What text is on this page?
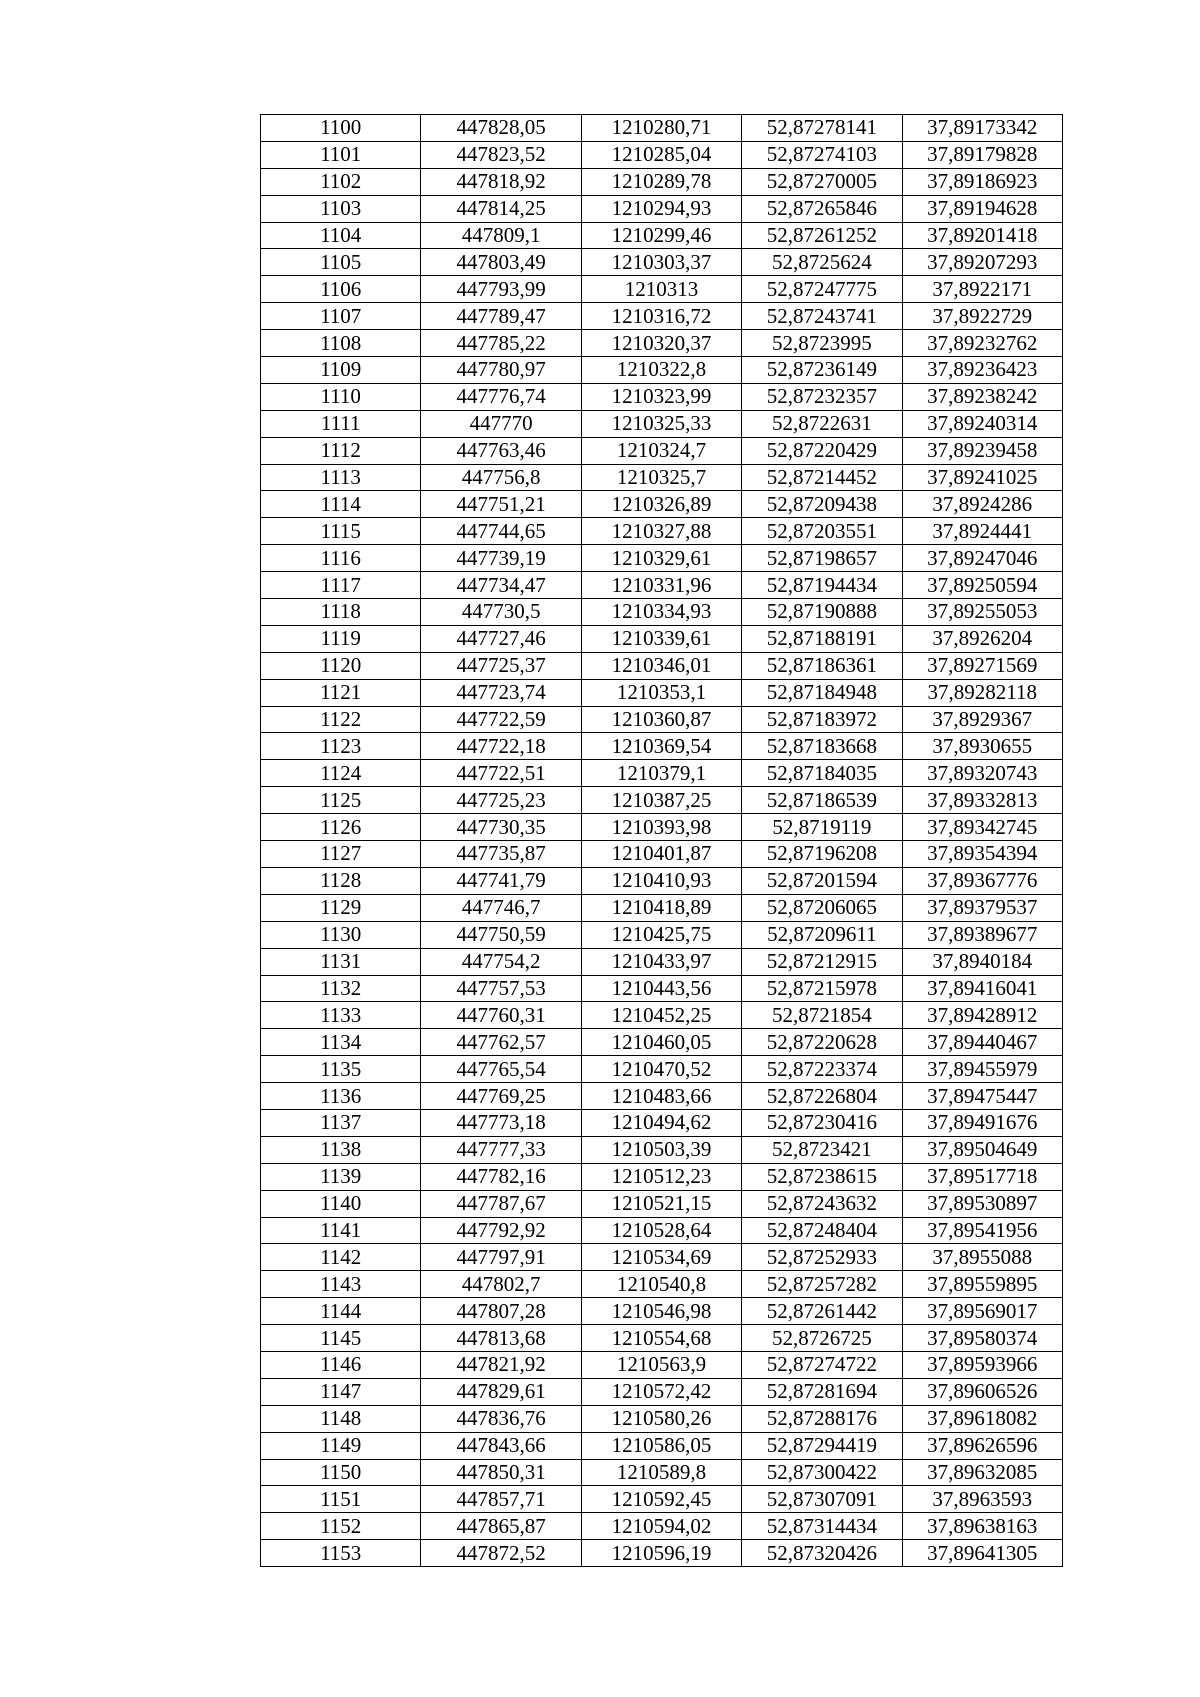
1100	447828,05	1210280,71	52,87278141	37,89173342
1101	447823,52	1210285,04	52,87274103	37,89179828
1102	447818,92	1210289,78	52,87270005	37,89186923
1103	447814,25	1210294,93	52,87265846	37,89194628
1104	447809,1	1210299,46	52,87261252	37,89201418
1105	447803,49	1210303,37	52,8725624	37,89207293
1106	447793,99	1210313	52,87247775	37,8922171
1107	447789,47	1210316,72	52,87243741	37,8922729
1108	447785,22	1210320,37	52,8723995	37,89232762
1109	447780,97	1210322,8	52,87236149	37,89236423
1110	447776,74	1210323,99	52,87232357	37,89238242
1111	447770	1210325,33	52,8722631	37,89240314
1112	447763,46	1210324,7	52,87220429	37,89239458
1113	447756,8	1210325,7	52,87214452	37,89241025
1114	447751,21	1210326,89	52,87209438	37,8924286
1115	447744,65	1210327,88	52,87203551	37,8924441
1116	447739,19	1210329,61	52,87198657	37,89247046
1117	447734,47	1210331,96	52,87194434	37,89250594
1118	447730,5	1210334,93	52,87190888	37,89255053
1119	447727,46	1210339,61	52,87188191	37,8926204
1120	447725,37	1210346,01	52,87186361	37,89271569
1121	447723,74	1210353,1	52,87184948	37,89282118
1122	447722,59	1210360,87	52,87183972	37,8929367
1123	447722,18	1210369,54	52,87183668	37,8930655
1124	447722,51	1210379,1	52,87184035	37,89320743
1125	447725,23	1210387,25	52,87186539	37,89332813
1126	447730,35	1210393,98	52,8719119	37,89342745
1127	447735,87	1210401,87	52,87196208	37,89354394
1128	447741,79	1210410,93	52,87201594	37,89367776
1129	447746,7	1210418,89	52,87206065	37,89379537
1130	447750,59	1210425,75	52,87209611	37,89389677
1131	447754,2	1210433,97	52,87212915	37,8940184
1132	447757,53	1210443,56	52,87215978	37,89416041
1133	447760,31	1210452,25	52,8721854	37,89428912
1134	447762,57	1210460,05	52,87220628	37,89440467
1135	447765,54	1210470,52	52,87223374	37,89455979
1136	447769,25	1210483,66	52,87226804	37,89475447
1137	447773,18	1210494,62	52,87230416	37,89491676
1138	447777,33	1210503,39	52,8723421	37,89504649
1139	447782,16	1210512,23	52,87238615	37,89517718
1140	447787,67	1210521,15	52,87243632	37,89530897
1141	447792,92	1210528,64	52,87248404	37,89541956
1142	447797,91	1210534,69	52,87252933	37,8955088
1143	447802,7	1210540,8	52,87257282	37,89559895
1144	447807,28	1210546,98	52,87261442	37,89569017
1145	447813,68	1210554,68	52,8726725	37,89580374
1146	447821,92	1210563,9	52,87274722	37,89593966
1147	447829,61	1210572,42	52,87281694	37,89606526
1148	447836,76	1210580,26	52,87288176	37,89618082
1149	447843,66	1210586,05	52,87294419	37,89626596
1150	447850,31	1210589,8	52,87300422	37,89632085
1151	447857,71	1210592,45	52,87307091	37,8963593
1152	447865,87	1210594,02	52,87314434	37,89638163
1153	447872,52	1210596,19	52,87320426	37,89641305
